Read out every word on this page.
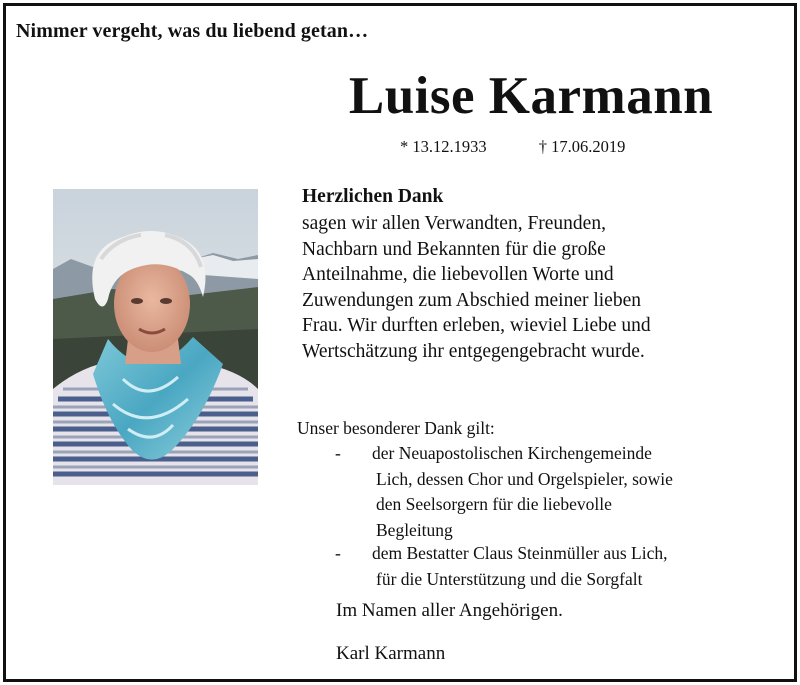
Nimmer vergeht, was du liebend getan…
Luise Karmann
* 13.12.1933	† 17.06.2019
Herzlichen Dank
sagen wir allen Verwandten, Freunden,
Nachbarn und Bekannten für die große
Anteilnahme, die liebevollen Worte und
Zuwendungen zum Abschied meiner lieben
Frau. Wir durften erleben, wieviel Liebe und
Wertschätzung ihr entgegengebracht wurde.
Unser besonderer Dank gilt:
- der Neuapostolischen Kirchengemeinde
Lich, dessen Chor und Orgelspieler, sowie
den Seelsorgern für die liebevolle
Begleitung
- dem Bestatter Claus Steinmüller aus Lich,
für die Unterstützung und die Sorgfalt
Im Namen aller Angehörigen.
Karl Karmann
